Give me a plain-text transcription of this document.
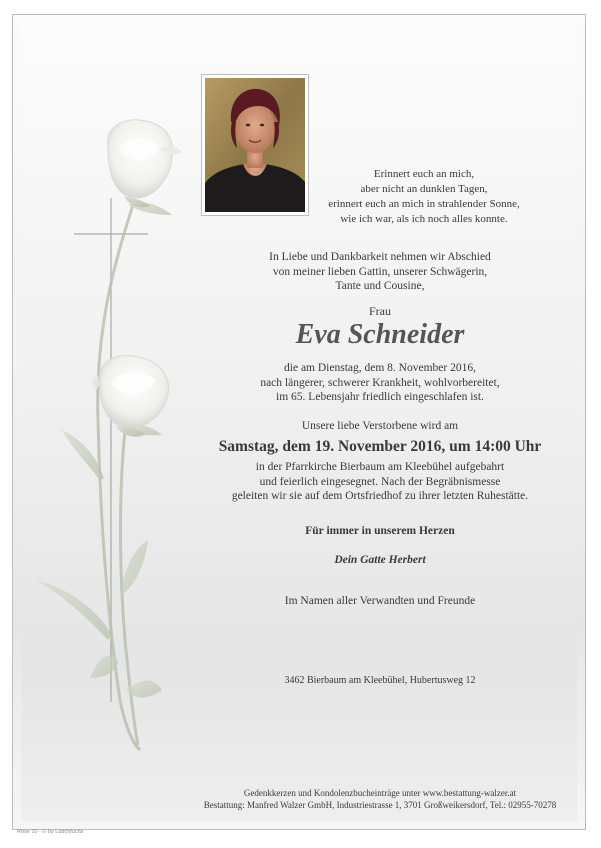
Erinnert euch an mich,
aber nicht an dunklen Tagen,
erinnert euch an mich in strahlender Sonne,
wie ich war, als ich noch alles konnte.
In Liebe und Dankbarkeit nehmen wir Abschied
von meiner lieben Gattin, unserer Schwägerin,
Tante und Cousine,
Frau
Eva Schneider
die am Dienstag, dem 8. November 2016,
nach längerer, schwerer Krankheit, wohlvorbereitet,
im 65. Lebensjahr friedlich eingeschlafen ist.
Unsere liebe Verstorbene wird am
Samstag, dem 19. November 2016, um 14:00 Uhr
in der Pfarrkirche Bierbaum am Kleebühel aufgebahrt
und feierlich eingesegnet. Nach der Begräbnismesse
geleiten wir sie auf dem Ortsfriedhof zu ihrer letzten Ruhestätte.
Für immer in unserem Herzen
Dein Gatte Herbert
Im Namen aller Verwandten und Freunde
3462 Bierbaum am Kleebühel, Hubertusweg 12
Gedenkkerzen und Kondolenzbucheinträge unter www.bestattung-walzer.at
Bestattung: Manfred Walzer GmbH, Industriestrasse 1, 3701 Großweikersdorf, Tel.: 02955-70278
Rose 10 - © by Lüdchfuchs
